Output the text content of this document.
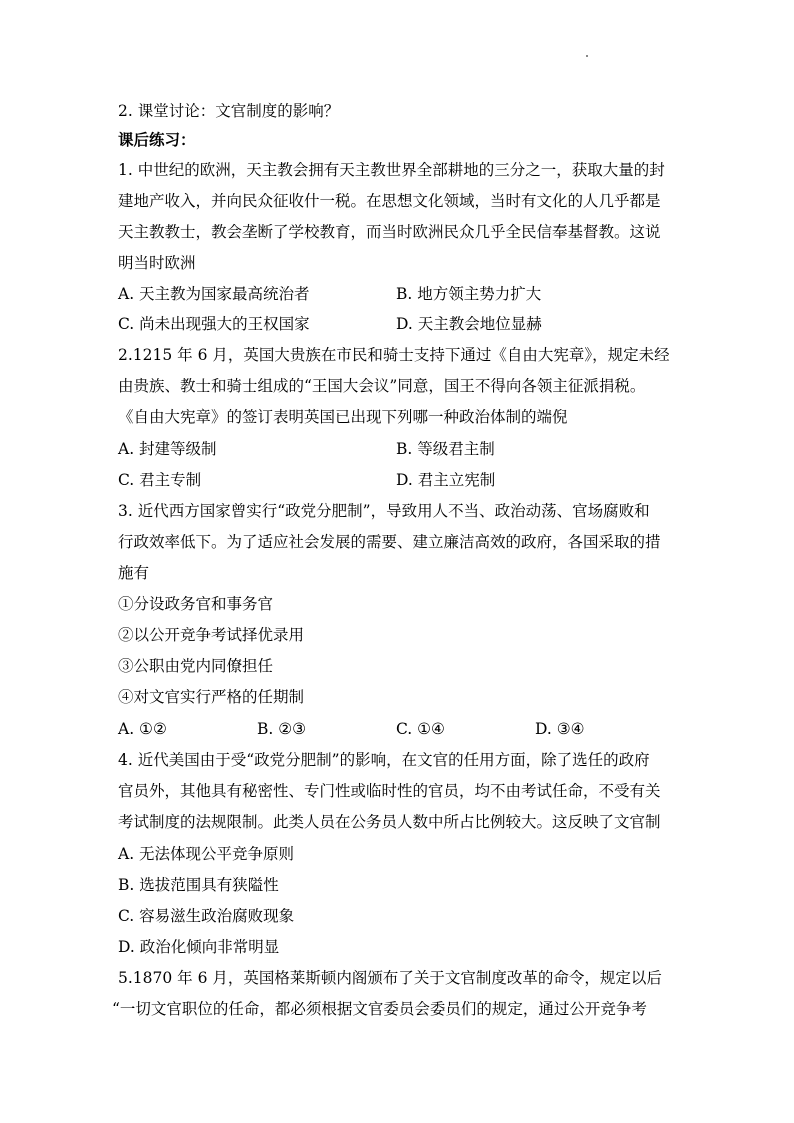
2. 课堂讨论：文官制度的影响？
课后练习：
1. 中世纪的欧洲，天主教会拥有天主教世界全部耕地的三分之一，获取大量的封
建地产收入，并向民众征收什一税。在思想文化领域，当时有文化的人几乎都是
天主教教士，教会垄断了学校教育，而当时欧洲民众几乎全民信奉基督教。这说
明当时欧洲
A. 天主教为国家最高统治者	B. 地方领主势力扩大
C. 尚未出现强大的王权国家	D. 天主教会地位显赫
2.1215 年 6 月，英国大贵族在市民和骑士支持下通过《自由大宪章》，规定未经
由贵族、教士和骑士组成的“王国大会议”同意，国王不得向各领主征派捐税。
《自由大宪章》的签订表明英国已出现下列哪一种政治体制的端倪
A. 封建等级制	B. 等级君主制
C. 君主专制	D. 君主立宪制
3. 近代西方国家曾实行“政党分肥制”，导致用人不当、政治动荡、官场腐败和
行政效率低下。为了适应社会发展的需要、建立廉洁高效的政府，各国采取的措
施有
①分设政务官和事务官
②以公开竞争考试择优录用
③公职由党内同僚担任
④对文官实行严格的任期制
A. ①②	B. ②③	C. ①④	D. ③④
4. 近代美国由于受“政党分肥制”的影响，在文官的任用方面，除了选任的政府
官员外，其他具有秘密性、专门性或临时性的官员，均不由考试任命，不受有关
考试制度的法规限制。此类人员在公务员人数中所占比例较大。这反映了文官制
A. 无法体现公平竞争原则
B. 选拔范围具有狭隘性
C. 容易滋生政治腐败现象
D. 政治化倾向非常明显
5.1870 年 6 月，英国格莱斯顿内阁颁布了关于文官制度改革的命令，规定以后
“一切文官职位的任命，都必须根据文官委员会委员们的规定，通过公开竞争考
